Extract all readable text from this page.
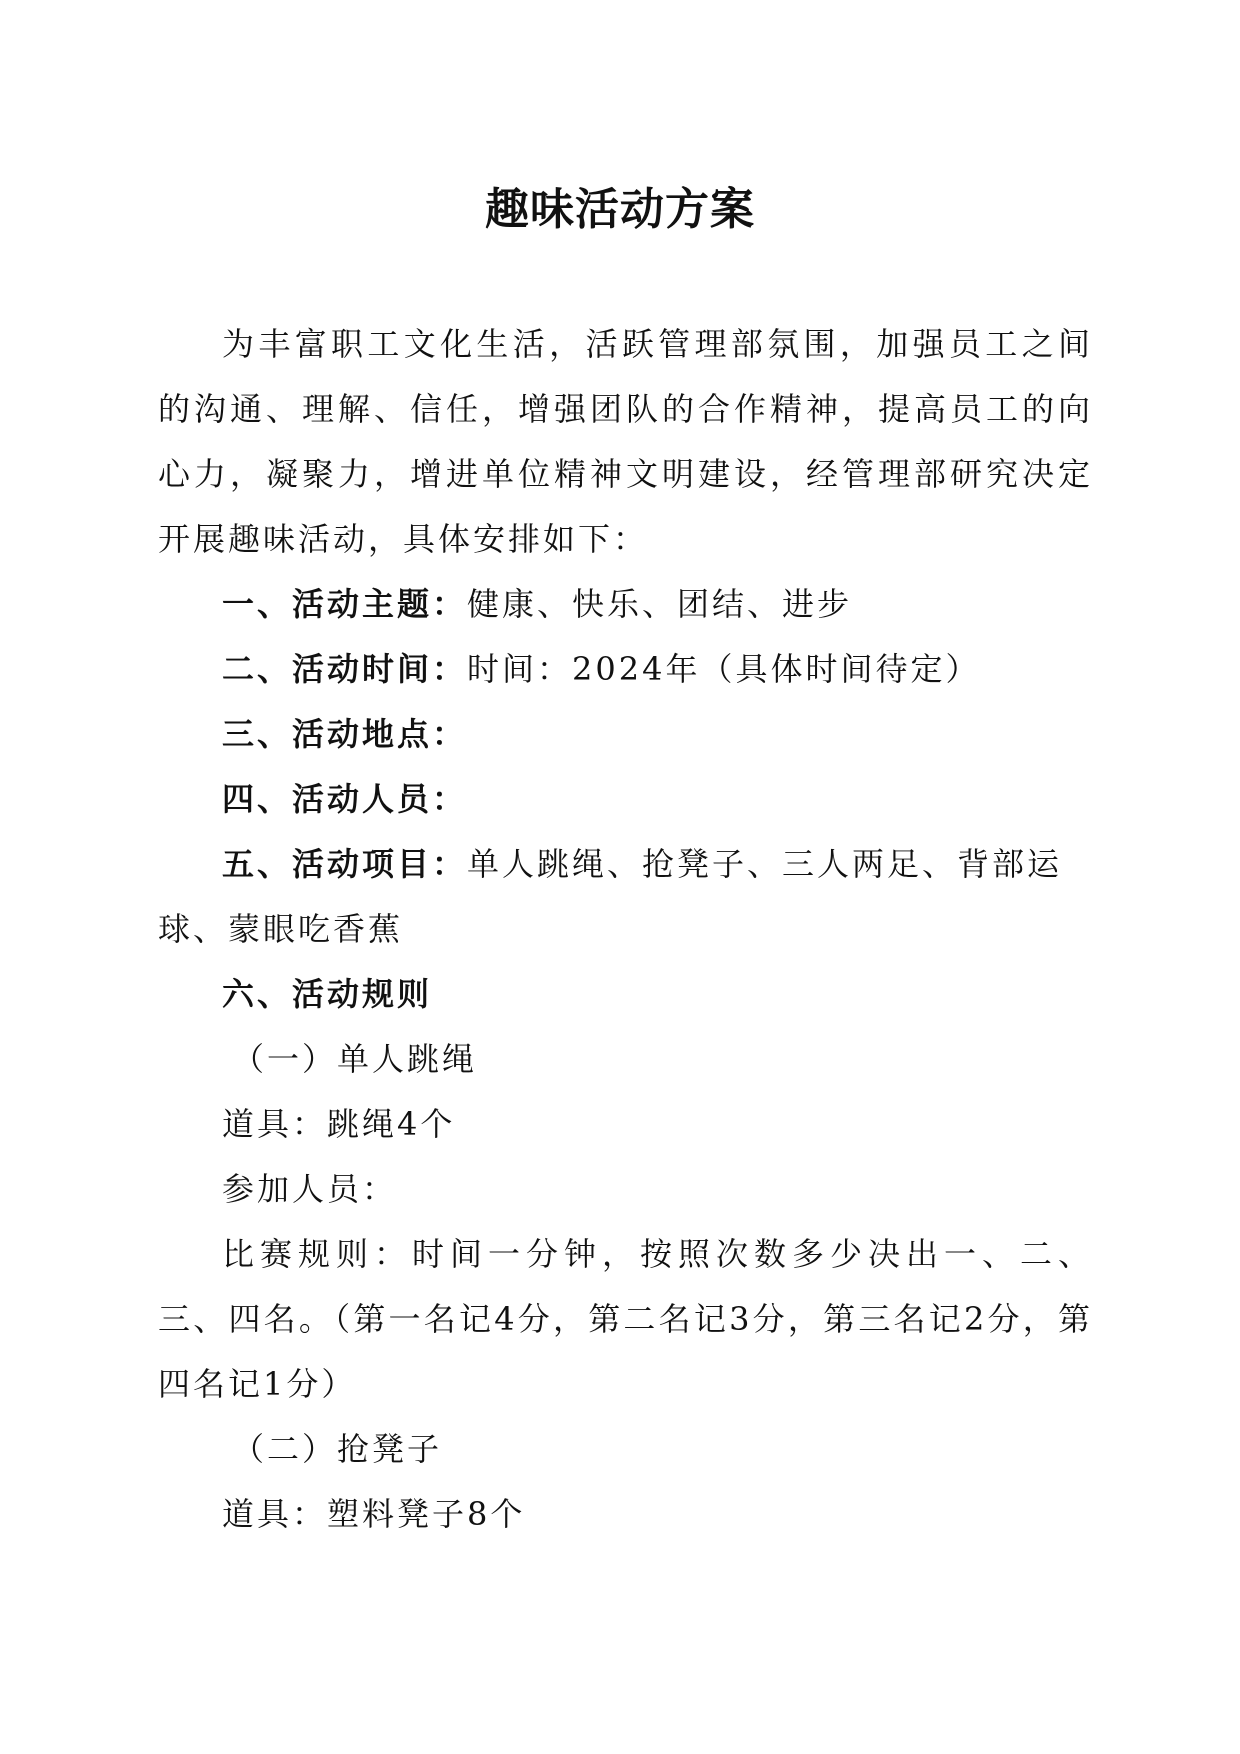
趣味活动方案

为丰富职工文化生活，活跃管理部氛围，加强员工之间的沟通、理解、信任，增强团队的合作精神，提高员工的向心力，凝聚力，增进单位精神文明建设，经管理部研究决定开展趣味活动，具体安排如下：

一、活动主题：健康、快乐、团结、进步

二、活动时间：时间：2024年（具体时间待定）

三、活动地点：

四、活动人员：

五、活动项目：单人跳绳、抢凳子、三人两足、背部运球、蒙眼吃香蕉

六、活动规则

（一）单人跳绳

道具：跳绳4个

参加人员：

比赛规则：时间一分钟，按照次数多少决出一、二、三、四名。（第一名记4分，第二名记3分，第三名记2分，第四名记1分）

（二）抢凳子

道具：塑料凳子8个
